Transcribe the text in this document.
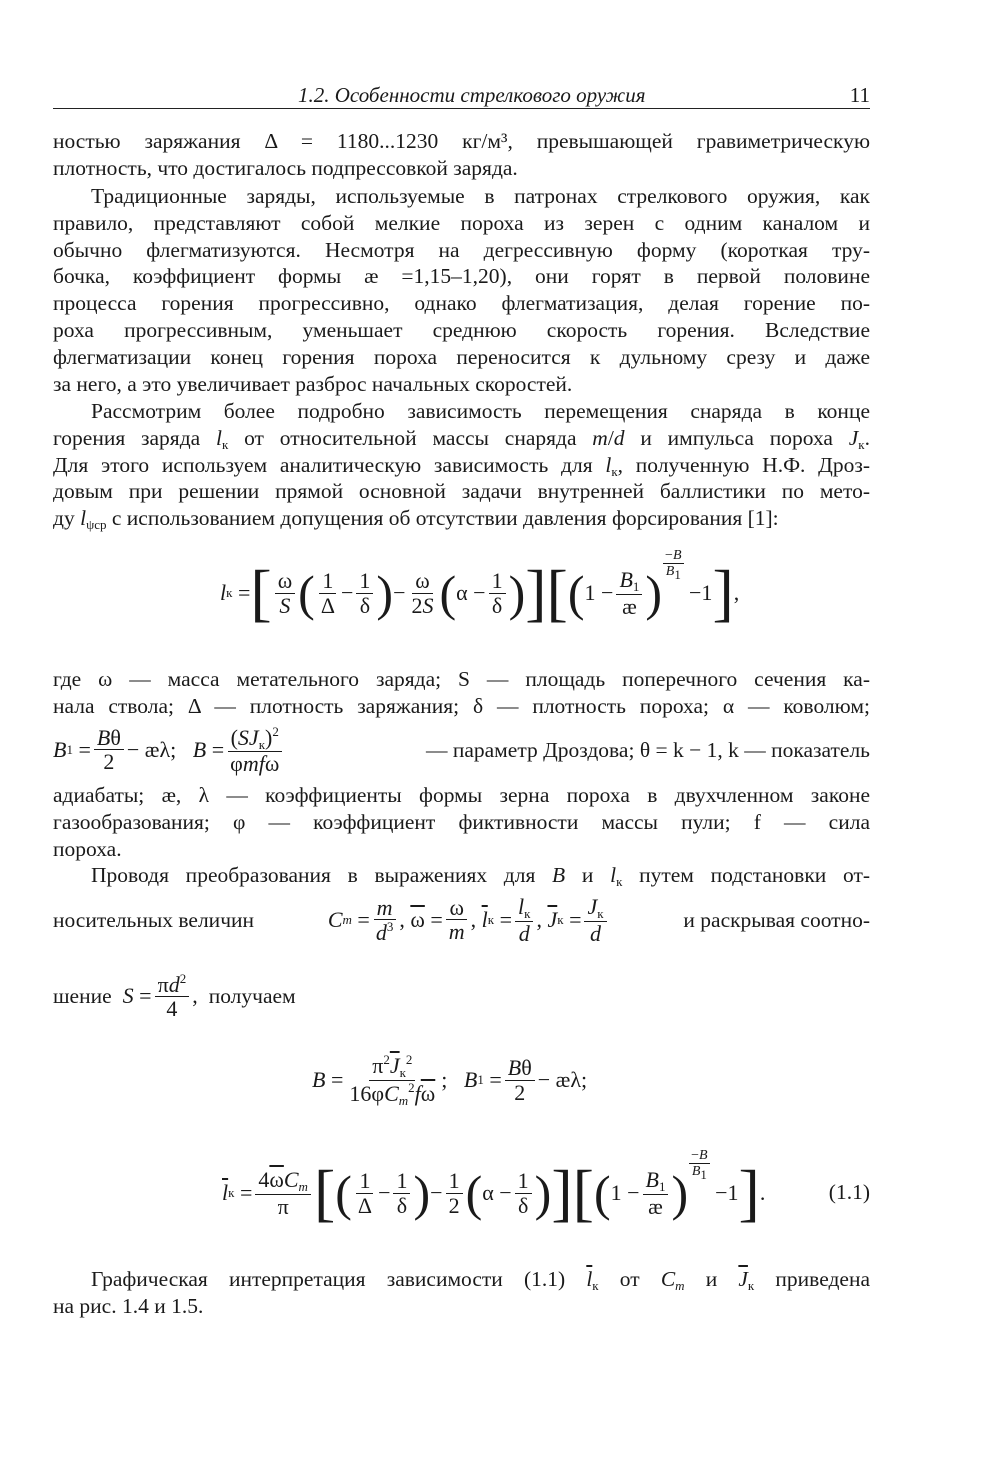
1.2. Особенности стрелкового оружия	11
ностью заряжания Δ = 1180...1230 кг/м³, превышающей гравиметрическую
плотность, что достигалось подпрессовкой заряда.
Традиционные заряды, используемые в патронах стрелкового оружия, как
правило, представляют собой мелкие пороха из зерен с одним каналом и
обычно флегматизуются. Несмотря на дегрессивную форму (короткая тру-
бочка, коэффициент формы æ =1,15–1,20), они горят в первой половине
процесса горения прогрессивно, однако флегматизация, делая горение по-
роха прогрессивным, уменьшает среднюю скорость горения. Вследствие
флегматизации конец горения пороха переносится к дульному срезу и даже
за него, а это увеличивает разброс начальных скоростей.
Рассмотрим более подробно зависимость перемещения снаряда в конце
горения заряда $l_к$ от относительной массы снаряда m/d и импульса пороха $J_к$.
Для этого используем аналитическую зависимость для $l_к$, полученную Н.Ф. Дроз-
довым при решении прямой основной задачи внутренней баллистики по мето-
ду $l_{\psi ср}$ с использованием допущения об отсутствии давления форсирования [1]:
l к = [ $\frac{\omega}{S}$ ( $\frac{1}{\Delta} - \frac{1}{\delta}$ ) − $\frac{\omega}{2S}$ ( $\alpha - \frac{1}{\delta}$ ) ] [ ( $1 - \frac{B_1}{æ}$ )
−B
$B_1$
−1 ] ,
где ω — масса метательного заряда; S — площадь поперечного сечения ка-
нала ствола; Δ — плотность заряжания; δ — плотность пороха; α — коволюм;
B $1 = \frac{B\theta}{2}$ − æλ; $B = \frac{(SJ_к)^2}{\text{φmfω}}$	— параметр Дроздова; θ = k − 1, k — показатель
адиабаты; æ, λ — коэффициенты формы зерна пороха в двухчленном законе
газообразования; φ — коэффициент фиктивности массы пули; f — сила
пороха.
Проводя преобразования в выражениях для B и $l_к$ путем подстановки от-
носительных величин	C $m = \frac{m}{d^3}$ , $\overline{\omega} = \frac{\omega}{m}$ , $\overline{l}$ $к = \frac{l_к}{d}$ , $\overline{J}$ $к = \frac{J_к}{d}$	и раскрывая соотно-
шение
$S = \frac{\pi d^2}{4}$ , получаем
$B = \frac{\pi^2\overline{J}_к^2}{16\varphi C_m^2f\overline{\omega}}$ ; B $1 = \frac{B\theta}{2}$ − æλ;
$\overline{l}$ $к = \frac{4\overline{\omega}C_m}{\pi}$ [ ( $\frac{1}{\Delta} - \frac{1}{\delta}$ ) − $\frac{1}{2}$ ( $\alpha - \frac{1}{\delta}$ ) ] [ ( $1 - \frac{B_1}{æ}$ )
−B
$B_1$
−1 ] .	(1.1)
Графическая интерпретация зависимости (1.1) $\overline{l}_к$ от $C_m$ и $\overline{J}_к$ приведена
на рис. 1.4 и 1.5.
